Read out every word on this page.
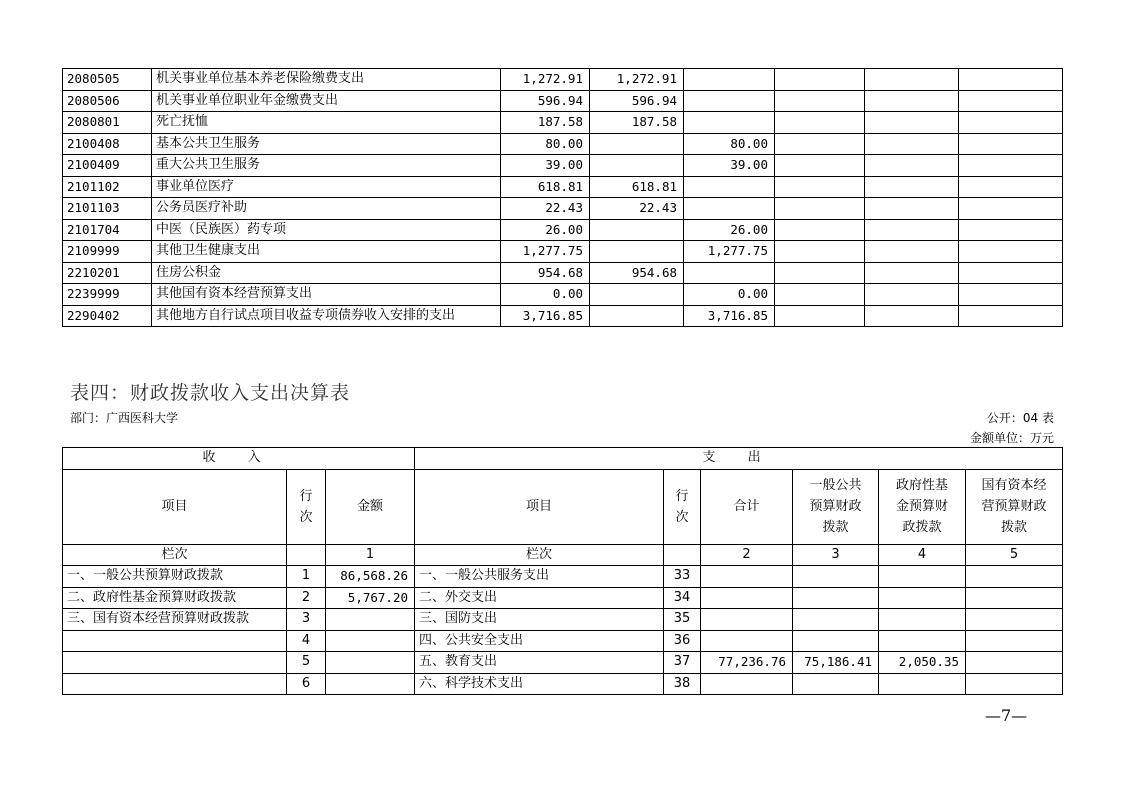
2080505	机关事业单位基本养老保险缴费支出	1,272.91	1,272.91				
2080506	机关事业单位职业年金缴费支出	596.94	596.94				
2080801	死亡抚恤	187.58	187.58				
2100408	基本公共卫生服务	80.00		80.00			
2100409	重大公共卫生服务	39.00		39.00			
2101102	事业单位医疗	618.81	618.81				
2101103	公务员医疗补助	22.43	22.43				
2101704	中医（民族医）药专项	26.00		26.00			
2109999	其他卫生健康支出	1,277.75		1,277.75			
2210201	住房公积金	954.68	954.68				
2239999	其他国有资本经营预算支出	0.00		0.00			
2290402	其他地方自行试点项目收益专项债券收入安排的支出	3,716.85		3,716.85			
表四：财政拨款收入支出决算表
部门：广西医科大学	公开：04 表
金额单位：万元
收 入			支 出					
项目	行次	金额	项目	行次	合计	一般公共预算财政拨款	政府性基金预算财政拨款	国有资本经营预算财政拨款
栏次		1	栏次		2	3	4	5
一、一般公共预算财政拨款	1	86,568.26	一、一般公共服务支出	33				
二、政府性基金预算财政拨款	2	5,767.20	二、外交支出	34				
三、国有资本经营预算财政拨款	3		三、国防支出	35				
	4		四、公共安全支出	36				
	5		五、教育支出	37	77,236.76	75,186.41	2,050.35	
	6		六、科学技术支出	38				
—7—
